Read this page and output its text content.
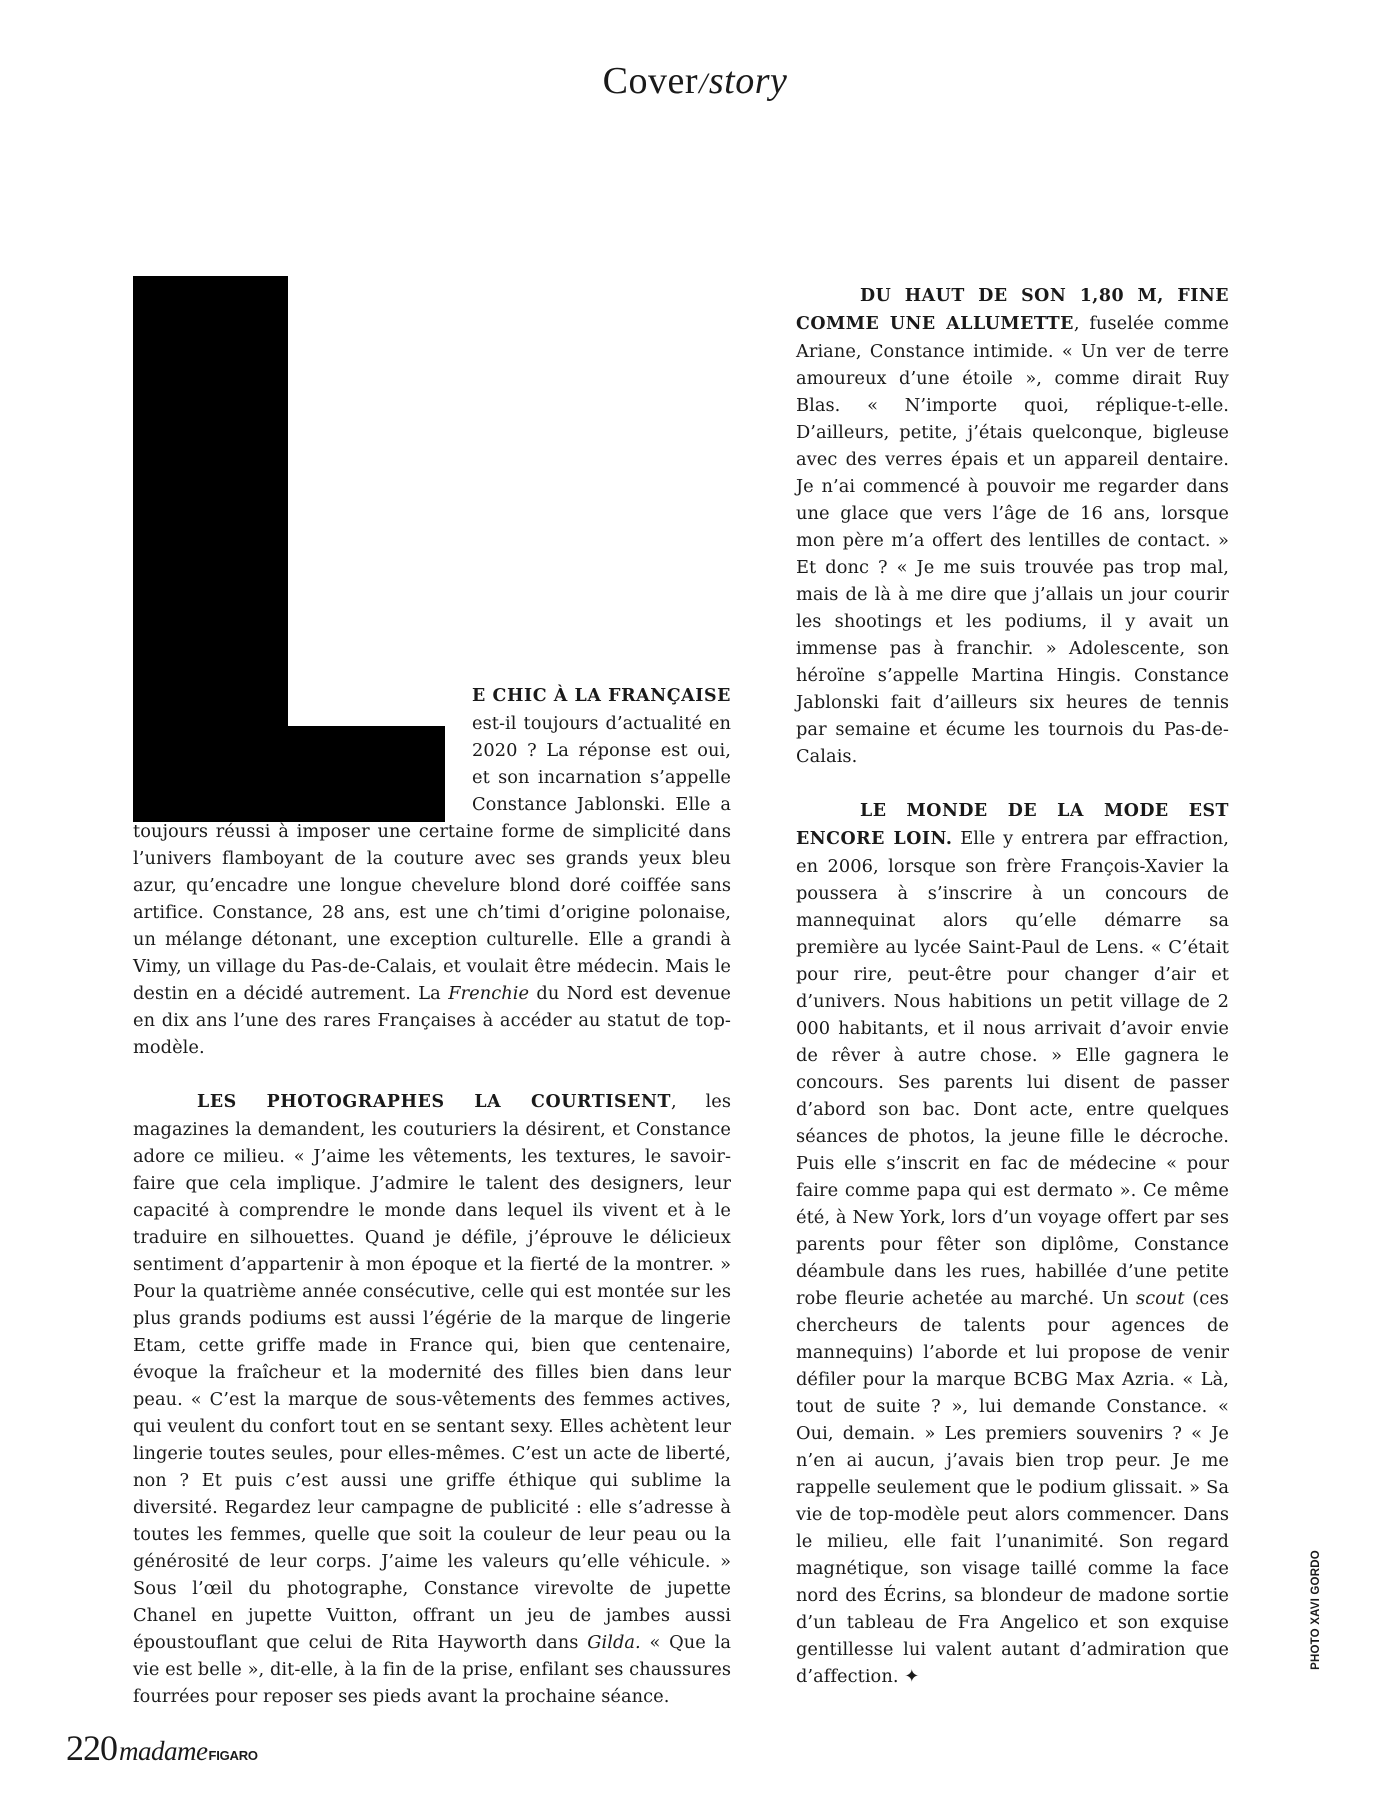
Cover/story

E CHIC À LA FRANÇAISE est-il toujours d’actualité en 2020 ? La réponse est oui, et son incarnation s’appelle Constance Jablonski. Elle a toujours réussi à imposer une certaine forme de simplicité dans l’univers flamboyant de la couture avec ses grands yeux bleu azur, qu’encadre une longue chevelure blond doré coiffée sans artifice. Constance, 28 ans, est une ch’timi d’origine polonaise, un mélange détonant, une exception culturelle. Elle a grandi à Vimy, un village du Pas-de-Calais, et voulait être médecin. Mais le destin en a décidé autrement. La Frenchie du Nord est devenue en dix ans l’une des rares Françaises à accéder au statut de top-modèle.

LES PHOTOGRAPHES LA COURTISENT, les magazines la demandent, les couturiers la désirent, et Constance adore ce milieu. « J’aime les vêtements, les textures, le savoir-faire que cela implique. J’admire le talent des designers, leur capacité à comprendre le monde dans lequel ils vivent et à le traduire en silhouettes. Quand je défile, j’éprouve le délicieux sentiment d’appartenir à mon époque et la fierté de la montrer. » Pour la quatrième année consécutive, celle qui est montée sur les plus grands podiums est aussi l’égérie de la marque de lingerie Etam, cette griffe made in France qui, bien que centenaire, évoque la fraîcheur et la modernité des filles bien dans leur peau. « C’est la marque de sous-vêtements des femmes actives, qui veulent du confort tout en se sentant sexy. Elles achètent leur lingerie toutes seules, pour elles-mêmes. C’est un acte de liberté, non ? Et puis c’est aussi une griffe éthique qui sublime la diversité. Regardez leur campagne de publicité : elle s’adresse à toutes les femmes, quelle que soit la couleur de leur peau ou la générosité de leur corps. J’aime les valeurs qu’elle véhicule. » Sous l’œil du photographe, Constance virevolte de jupette Chanel en jupette Vuitton, offrant un jeu de jambes aussi époustouflant que celui de Rita Hayworth dans Gilda. « Que la vie est belle », dit-elle, à la fin de la prise, enfilant ses chaussures fourrées pour reposer ses pieds avant la prochaine séance.

DU HAUT DE SON 1,80 M, FINE COMME UNE ALLUMETTE, fuselée comme Ariane, Constance intimide. « Un ver de terre amoureux d’une étoile », comme dirait Ruy Blas. « N’importe quoi, réplique-t-elle. D’ailleurs, petite, j’étais quelconque, bigleuse avec des verres épais et un appareil dentaire. Je n’ai commencé à pouvoir me regarder dans une glace que vers l’âge de 16 ans, lorsque mon père m’a offert des lentilles de contact. » Et donc ? « Je me suis trouvée pas trop mal, mais de là à me dire que j’allais un jour courir les shootings et les podiums, il y avait un immense pas à franchir. » Adolescente, son héroïne s’appelle Martina Hingis. Constance Jablonski fait d’ailleurs six heures de tennis par semaine et écume les tournois du Pas-de-Calais.

LE MONDE DE LA MODE EST ENCORE LOIN. Elle y entrera par effraction, en 2006, lorsque son frère François-Xavier la poussera à s’inscrire à un concours de mannequinat alors qu’elle démarre sa première au lycée Saint-Paul de Lens. « C’était pour rire, peut-être pour changer d’air et d’univers. Nous habitions un petit village de 2 000 habitants, et il nous arrivait d’avoir envie de rêver à autre chose. » Elle gagnera le concours. Ses parents lui disent de passer d’abord son bac. Dont acte, entre quelques séances de photos, la jeune fille le décroche. Puis elle s’inscrit en fac de médecine « pour faire comme papa qui est dermato ». Ce même été, à New York, lors d’un voyage offert par ses parents pour fêter son diplôme, Constance déambule dans les rues, habillée d’une petite robe fleurie achetée au marché. Un scout (ces chercheurs de talents pour agences de mannequins) l’aborde et lui propose de venir défiler pour la marque BCBG Max Azria. « Là, tout de suite ? », lui demande Constance. « Oui, demain. » Les premiers souvenirs ? « Je n’en ai aucun, j’avais bien trop peur. Je me rappelle seulement que le podium glissait. » Sa vie de top-modèle peut alors commencer. Dans le milieu, elle fait l’unanimité. Son regard magnétique, son visage taillé comme la face nord des Écrins, sa blondeur de madone sortie d’un tableau de Fra Angelico et son exquise gentillesse lui valent autant d’admiration que d’affection. ✦

PHOTO XAVI GORDO
220 madame FIGARO
